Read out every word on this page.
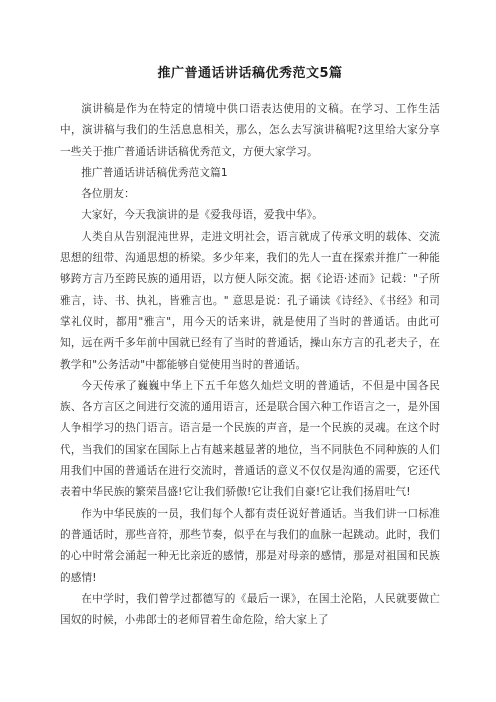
推广普通话讲话稿优秀范文5篇

演讲稿是作为在特定的情境中供口语表达使用的文稿。在学习、工作生活中，演讲稿与我们的生活息息相关，那么，怎么去写演讲稿呢?这里给大家分享一些关于推广普通话讲话稿优秀范文，方便大家学习。

推广普通话讲话稿优秀范文篇1

各位朋友：

大家好，今天我演讲的是《爱我母语，爱我中华》。

人类自从告别混沌世界，走进文明社会，语言就成了传承文明的载体、交流思想的纽带、沟通思想的桥梁。多少年来，我们的先人一直在探索并推广一种能够跨方言乃至跨民族的通用语，以方便人际交流。据《论语·述而》记载："子所雅言，诗、书、执礼，皆雅言也。" 意思是说：孔子诵读《诗经》、《书经》和司掌礼仪时，都用"雅言"，用今天的话来讲，就是使用了当时的普通话。由此可知，远在两千多年前中国就已经有了当时的普通话，操山东方言的孔老夫子，在教学和"公务活动"中都能够自觉使用当时的普通话。

今天传承了巍巍中华上下五千年悠久灿烂文明的普通话，不但是中国各民族、各方言区之间进行交流的通用语言，还是联合国六种工作语言之一，是外国人争相学习的热门语言。语言是一个民族的声音，是一个民族的灵魂。在这个时代，当我们的国家在国际上占有越来越显著的地位，当不同肤色不同种族的人们用我们中国的普通话在进行交流时，普通话的意义不仅仅是沟通的需要，它还代表着中华民族的繁荣昌盛!它让我们骄傲!它让我们自豪!它让我们扬眉吐气!

作为中华民族的一员，我们每个人都有责任说好普通话。当我们讲一口标准的普通话时，那些音符，那些节奏，似乎在与我们的血脉一起跳动。此时，我们的心中时常会涌起一种无比亲近的感情，那是对母亲的感情，那是对祖国和民族的感情!

在中学时，我们曾学过都德写的《最后一课》，在国土沦陷，人民就要做亡国奴的时候，小弗郎士的老师冒着生命危险，给大家上了
